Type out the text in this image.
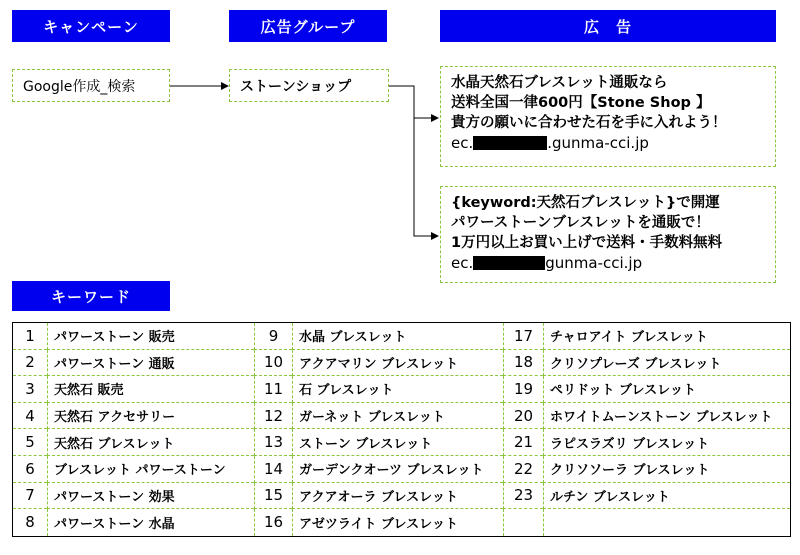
キャンペーン	広告グループ	広　告
キーワード
Google作成_検索	ストーンショップ	水晶天然石ブレスレット通販なら
送料全国一律600円【Stone Shop 】
貴方の願いに合わせた石を手に入れよう！
ec.	.gunma-cci.jp
{keyword:天然石ブレスレット}で開運
パワーストーンブレスレットを通販で！
1万円以上お買い上げで送料・手数料無料
ec.	gunma-cci.jp
1	パワーストーン 販売	9	水晶 ブレスレット	17	チャロアイト ブレスレット
2	パワーストーン 通販	10	アクアマリン ブレスレット	18	クリソプレーズ ブレスレット
3	天然石 販売	11	石 ブレスレット	19	ペリドット ブレスレット
4	天然石 アクセサリー	12	ガーネット ブレスレット	20	ホワイトムーンストーン ブレスレット
5	天然石 ブレスレット	13	ストーン ブレスレット	21	ラピスラズリ ブレスレット
6	ブレスレット パワーストーン	14	ガーデンクオーツ ブレスレット	22	クリソソーラ ブレスレット
7	パワーストーン 効果	15	アクアオーラ ブレスレット	23	ルチン ブレスレット
8	パワーストーン 水晶	16	アゼツライト ブレスレット		
